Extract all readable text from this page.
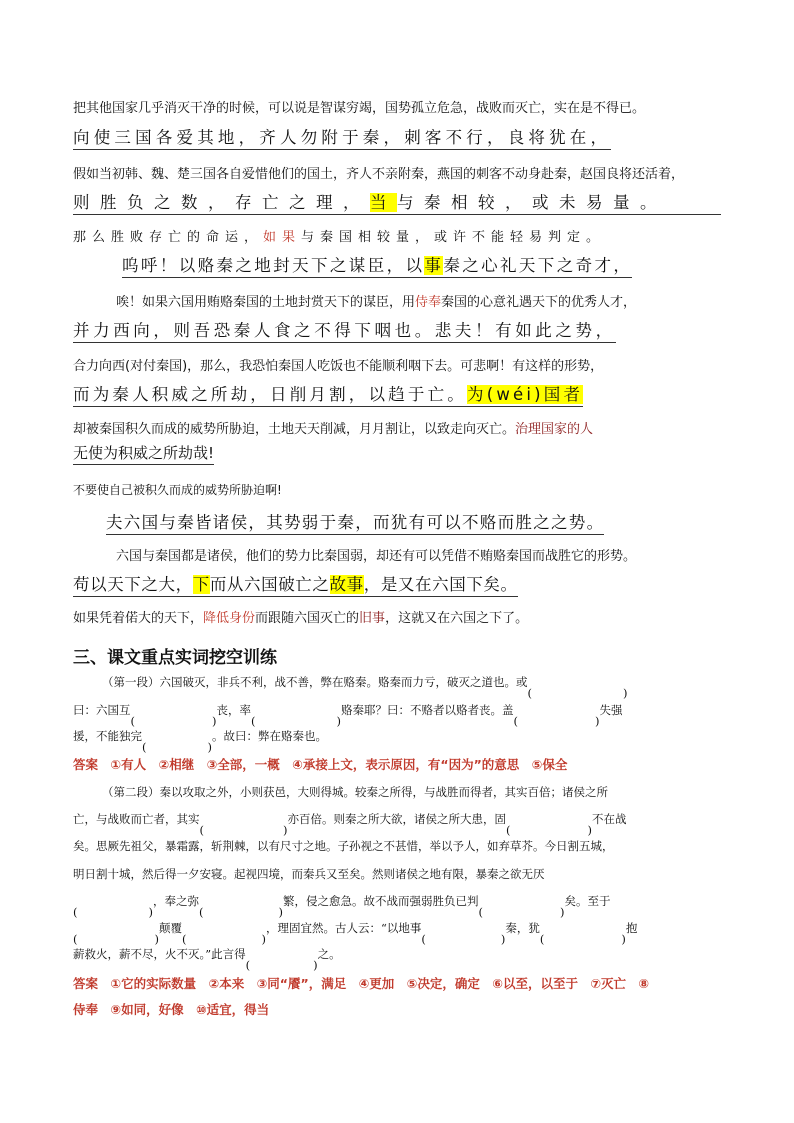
把其他国家几乎消灭干净的时候，可以说是智谋穷竭，国势孤立危急，战败而灭亡，实在是不得已。
向使三国各爱其地，齐人勿附于秦，刺客不行，良将犹在，
假如当初韩、魏、楚三国各自爱惜他们的国土，齐人不亲附秦，燕国的刺客不动身赴秦，赵国良将还活着，
则胜负之数，存亡之理，当与秦相较，或未易量。
那么胜败存亡的命运，如果与秦国相较量，或许不能轻易判定。
呜呼！以赂秦之地封天下之谋臣，以事秦之心礼天下之奇才，
唉！如果六国用贿赂秦国的土地封赏天下的谋臣，用侍奉秦国的心意礼遇天下的优秀人才，
并力西向，则吾恐秦人食之不得下咽也。悲夫！有如此之势，
合力向西(对付秦国)，那么，我恐怕秦国人吃饭也不能顺利咽下去。可悲啊！有这样的形势，
而为秦人积威之所劫，日削月割，以趋于亡。为(wéi)国者
却被秦国积久而成的威势所胁迫，土地天天削减，月月割让，以致走向灭亡。治理国家的人
无使为积威之所劫哉!
不要使自己被积久而成的威势所胁迫啊!
夫六国与秦皆诸侯，其势弱于秦，而犹有可以不赂而胜之之势。
六国与秦国都是诸侯，他们的势力比秦国弱，却还有可以凭借不贿赂秦国而战胜它的形势。
苟以天下之大，下而从六国破亡之故事，是又在六国下矣。
如果凭着偌大的天下，降低身份而跟随六国灭亡的旧事，这就又在六国之下了。
三、课文重点实词挖空训练
（第一段）六国破灭，非兵不利，战不善，弊在赂秦。赂秦而力亏，破灭之道也。或
曰：六国互	丧，率	赂秦耶？曰：不赂者以赂者丧。盖	失强
援，不能独完	。故曰：弊在赂秦也。
答案　 ①有人　②相继　③全部，一概　④承接上文，表示原因，有“因为”的意思　⑤保全
（第二段）秦以攻取之外，小则获邑，大则得城。较秦之所得，与战胜而得者，其实百倍；诸侯之所
亡，与战败而亡者，其实	亦百倍。则秦之所大欲，诸侯之所大患，固	不在战
矣。思厥先祖父，暴霜露，斩荆棘，以有尺寸之地。子孙视之不甚惜，举以予人，如弃草芥。今日割五城，
明日割十城，然后得一夕安寝。起视四境，而秦兵又至矣。然则诸侯之地有限，暴秦之欲无厌
，奉之弥	繁，侵之愈急。故不战而强弱胜负已判	矣。至于
颠覆	，理固宜然。古人云：“以地事	秦，犹	抱
薪救火，薪不尽，火不灭。”此言得	之。
答案　 ①它的实际数量　②本来　③同“餍”，满足　④更加　⑤决定，确定　⑥以至，以至于　⑦灭亡　⑧
侍奉　⑨如同，好像　⑩适宜，得当
